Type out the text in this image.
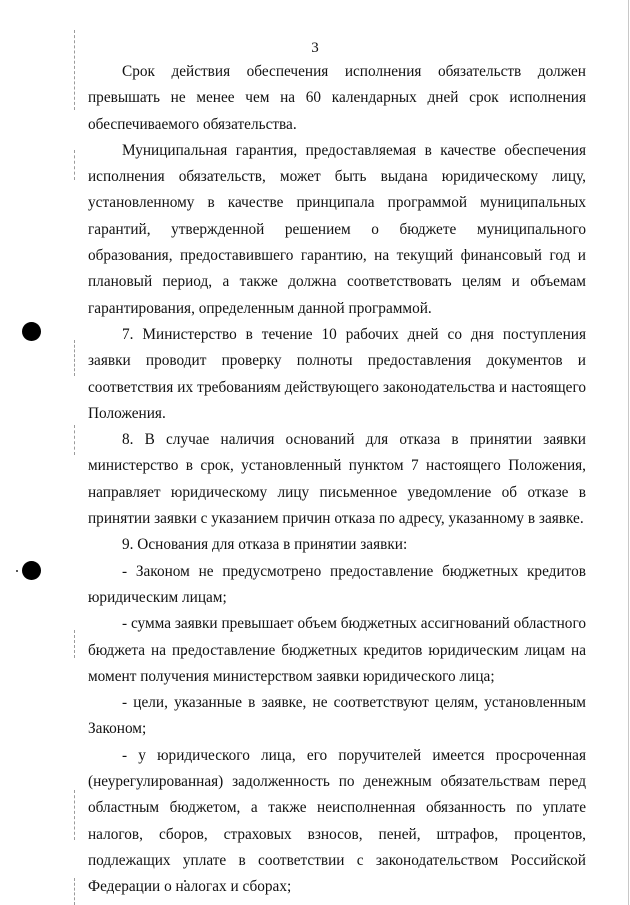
3

Срок действия обеспечения исполнения обязательств должен превышать не менее чем на 60 календарных дней срок исполнения обеспечиваемого обязательства.

Муниципальная гарантия, предоставляемая в качестве обеспечения исполнения обязательств, может быть выдана юридическому лицу, установленному в качестве принципала программой муниципальных гарантий, утвержденной решением о бюджете муниципального образования, предоставившего гарантию, на текущий финансовый год и плановый период, а также должна соответствовать целям и объемам гарантирования, определенным данной программой.

7. Министерство в течение 10 рабочих дней со дня поступления заявки проводит проверку полноты предоставления документов и соответствия их требованиям действующего законодательства и настоящего Положения.

8. В случае наличия оснований для отказа в принятии заявки министерство в срок, установленный пунктом 7 настоящего Положения, направляет юридическому лицу письменное уведомление об отказе в принятии заявки с указанием причин отказа по адресу, указанному в заявке.

9. Основания для отказа в принятии заявки:

- Законом не предусмотрено предоставление бюджетных кредитов юридическим лицам;

- сумма заявки превышает объем бюджетных ассигнований областного бюджета на предоставление бюджетных кредитов юридическим лицам на момент получения министерством заявки юридического лица;

- цели, указанные в заявке, не соответствуют целям, установленным Законом;

- у юридического лица, его поручителей имеется просроченная (неурегулированная) задолженность по денежным обязательствам перед областным бюджетом, а также неисполненная обязанность по уплате налогов, сборов, страховых взносов, пеней, штрафов, процентов, подлежащих уплате в соответствии с законодательством Российской Федерации о налогах и сборах;
